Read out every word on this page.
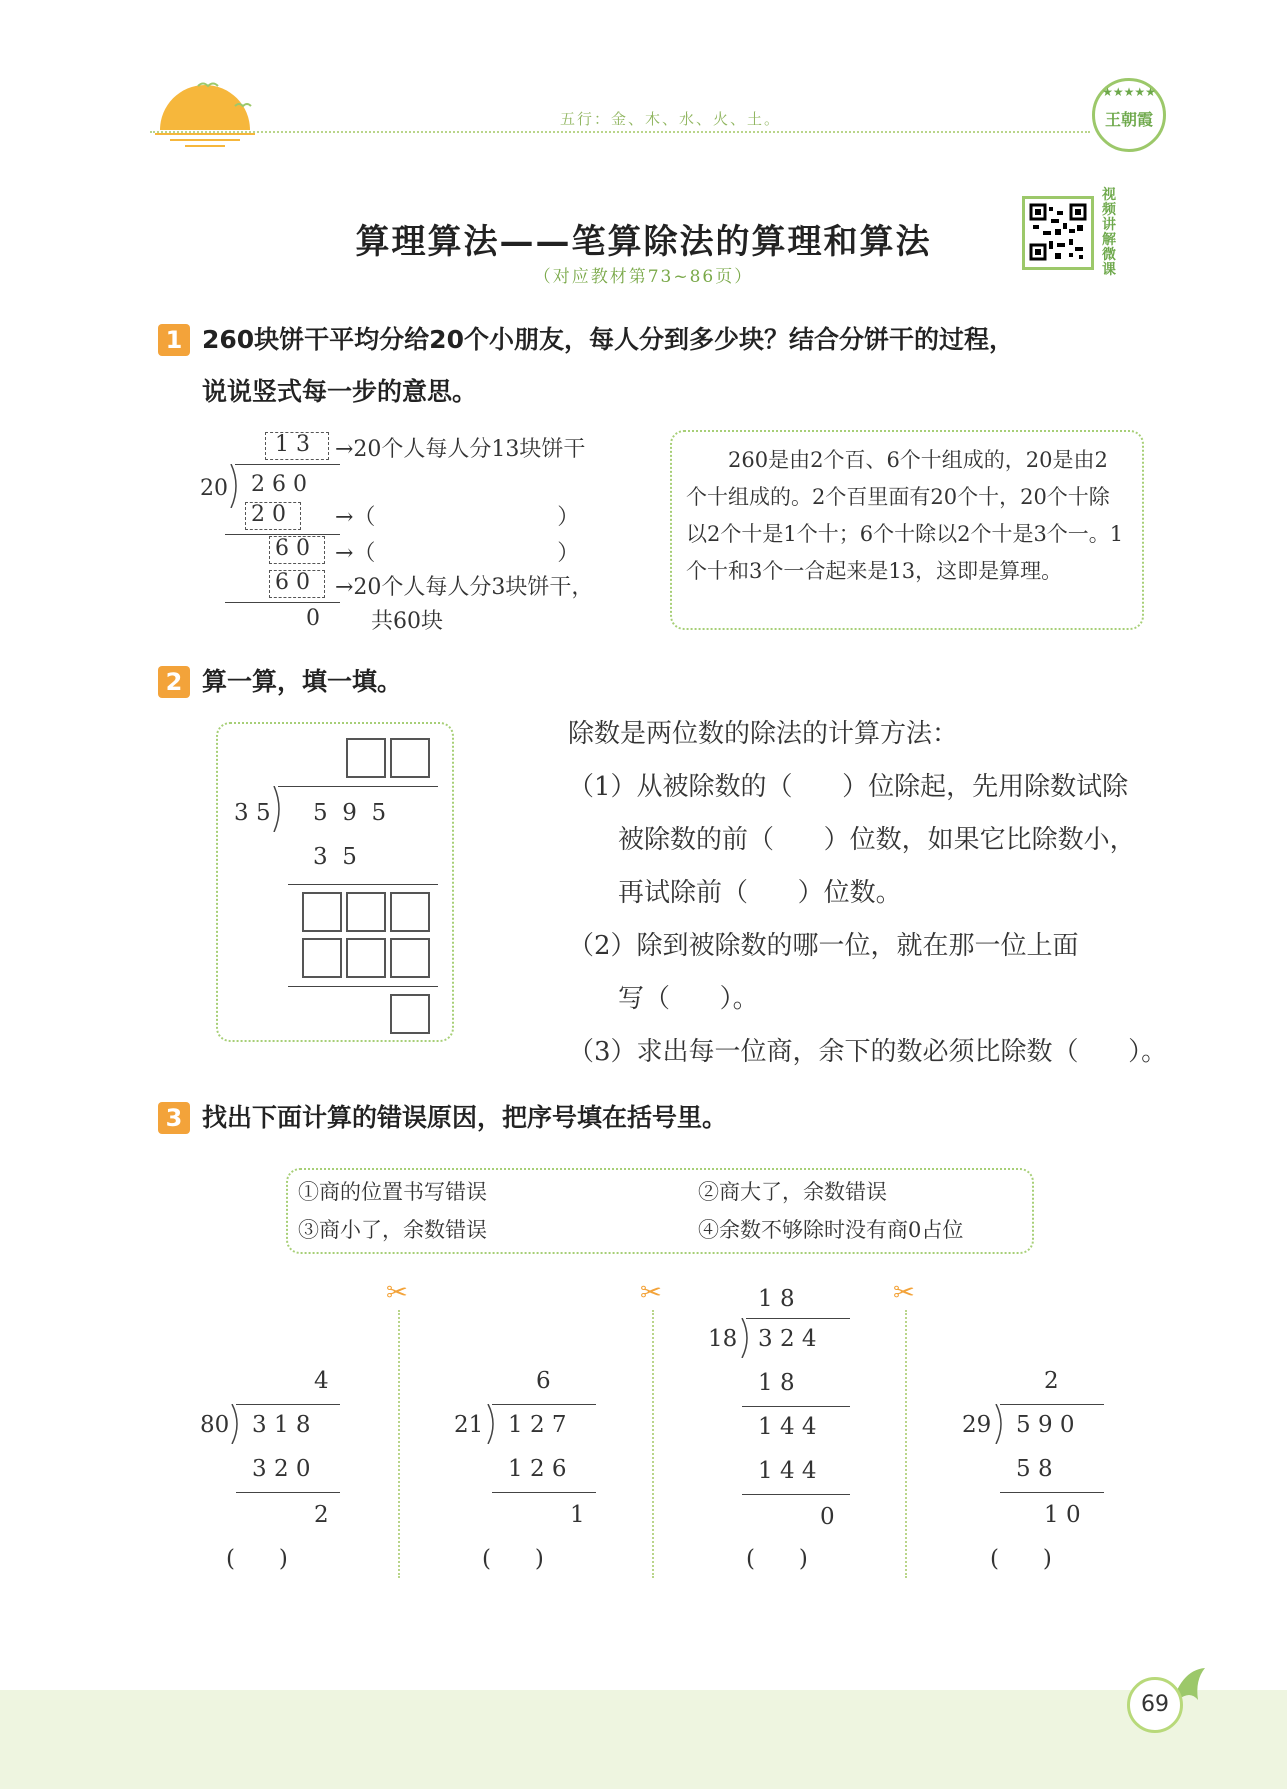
五行：金、木、水、火、土。
★★★★★
王朝霞
算理算法——笔算除法的算理和算法
（对应教材第73~86页）
视频讲解微课
1 260块饼干平均分给20个小朋友，每人分到多少块？结合分饼干的过程，
说说竖式每一步的意思。
1 3
20 2 6 0
2 0
6 0
6 0
0
→20个人每人分13块饼干
→（                          ）
→（                          ）
→20个人每人分3块饼干，
共60块
260是由2个百、6个十组成的，20是由2个十组成的。2个百里面有20个十，20个十除以2个十是1个十；6个十除以2个十是3个一。1个十和3个一合起来是13，这即是算理。
2 算一算，填一填。
3 5 5  9  5
3  5
除数是两位数的除法的计算方法：
（1）从被除数的（      ）位除起，先用除数试除
被除数的前（      ）位数，如果它比除数小，
再试除前（      ）位数。
（2）除到被除数的哪一位，就在那一位上面
写（      ）。
（3）求出每一位商，余下的数必须比除数（      ）。
3 找出下面计算的错误原因，把序号填在括号里。
①商的位置书写错误	②商大了，余数错误
③商小了，余数错误	④余数不够除时没有商0占位
✂	✂	✂
4
80 3 1 8
3 2 0
2
(      )
6
21 1 2 7
1 2 6
1
(      )
1 8
18 3 2 4
1 8
1 4 4
1 4 4
0
(      )
2
29 5 9 0
5 8
1 0
(      )
69
